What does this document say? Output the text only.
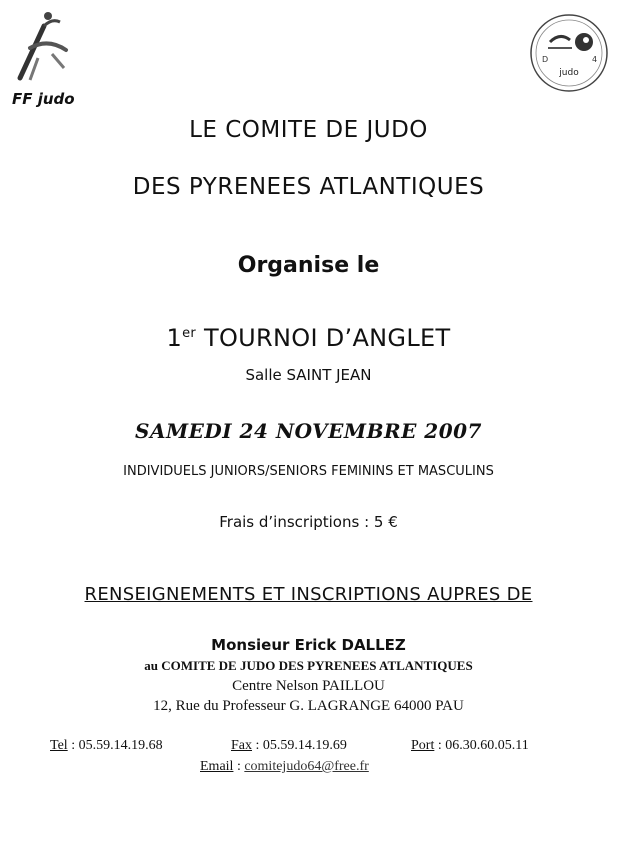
FF judo
D	4
judo
LE COMITE DE JUDO
DES PYRENEES ATLANTIQUES
Organise le
1er TOURNOI D’ANGLET
Salle SAINT JEAN
SAMEDI 24 NOVEMBRE 2007
INDIVIDUELS JUNIORS/SENIORS FEMININS ET MASCULINS
Frais d’inscriptions : 5 €
RENSEIGNEMENTS ET INSCRIPTIONS AUPRES DE
Monsieur Erick DALLEZ
au COMITE DE JUDO DES PYRENEES ATLANTIQUES
Centre Nelson PAILLOU
12, Rue du Professeur G. LAGRANGE 64000 PAU
Tel : 05.59.14.19.68	Fax : 05.59.14.19.69	Port : 06.30.60.05.11
Email : comitejudo64@free.fr
